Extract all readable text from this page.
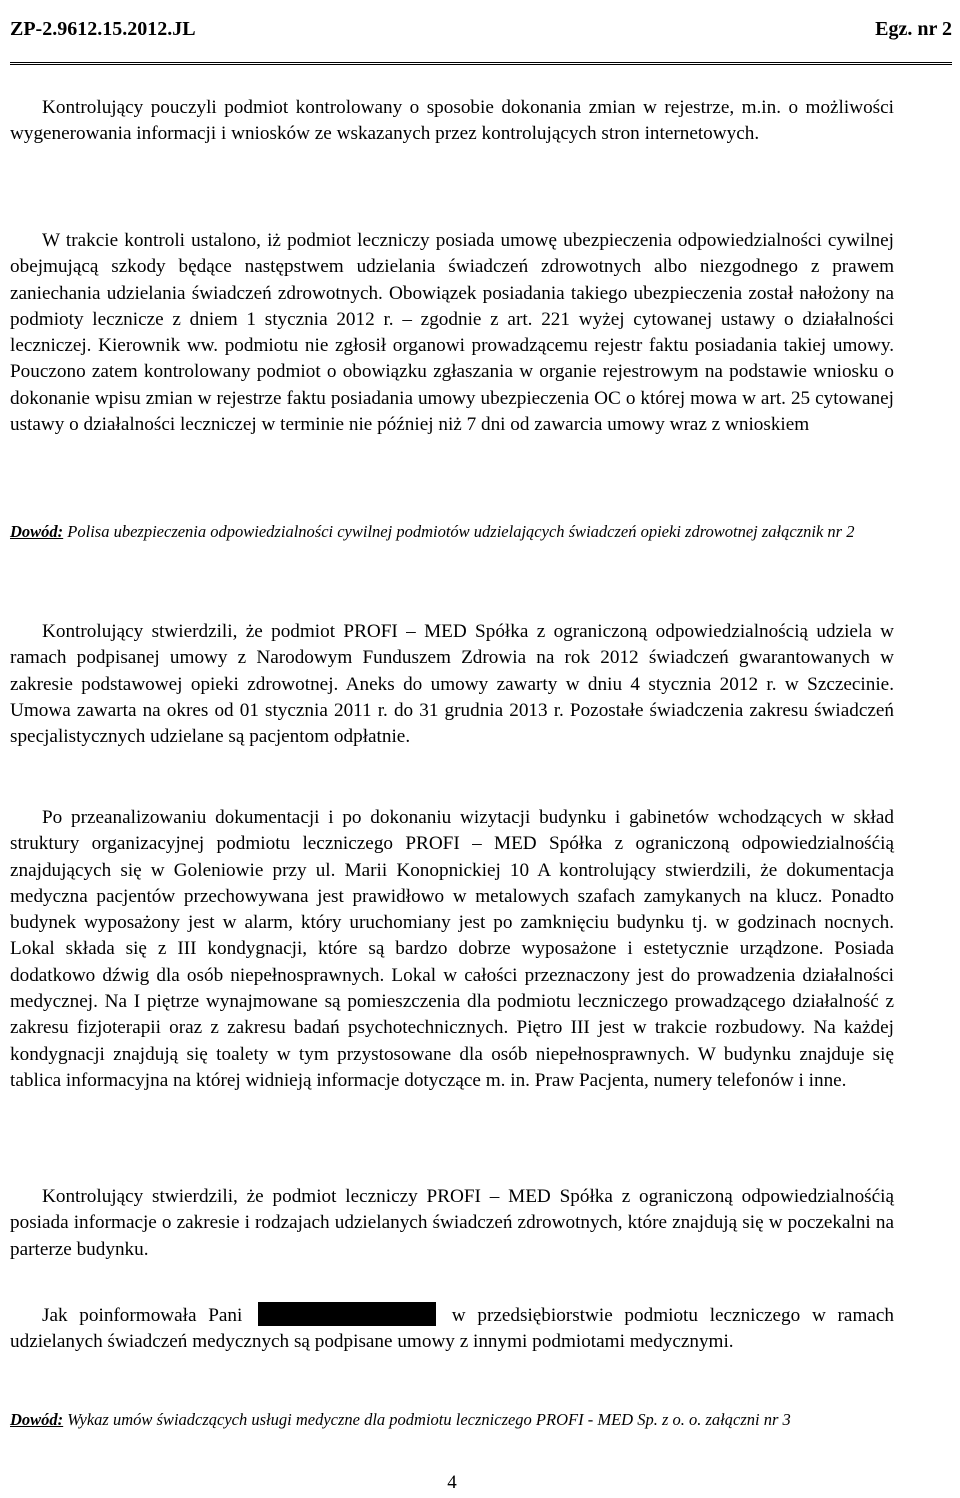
ZP-2.9612.15.2012.JL	Egz. nr 2

Kontrolujący pouczyli podmiot kontrolowany o sposobie dokonania zmian w rejestrze, m.in. o możliwości wygenerowania informacji i wniosków ze wskazanych przez kontrolujących stron internetowych.

W trakcie kontroli ustalono, iż podmiot leczniczy posiada umowę ubezpieczenia odpowiedzialności cywilnej obejmującą szkody będące następstwem udzielania świadczeń zdrowotnych albo niezgodnego z prawem zaniechania udzielania świadczeń zdrowotnych. Obowiązek posiadania takiego ubezpieczenia został nałożony na podmioty lecznicze z dniem 1 stycznia 2012 r. – zgodnie z art. 221 wyżej cytowanej ustawy o działalności leczniczej. Kierownik ww. podmiotu nie zgłosił organowi prowadzącemu rejestr faktu posiadania takiej umowy. Pouczono zatem kontrolowany podmiot o obowiązku zgłaszania w organie rejestrowym na podstawie wniosku o dokonanie wpisu zmian w rejestrze faktu posiadania umowy ubezpieczenia OC o której mowa w art. 25 cytowanej ustawy o działalności leczniczej w terminie nie później niż 7 dni od zawarcia umowy wraz z wnioskiem

Dowód: Polisa ubezpieczenia odpowiedzialności cywilnej podmiotów udzielających świadczeń opieki zdrowotnej załącznik nr 2

Kontrolujący stwierdzili, że podmiot PROFI – MED Spółka z ograniczoną odpowiedzialnością udziela w ramach podpisanej umowy z Narodowym Funduszem Zdrowia na rok 2012 świadczeń gwarantowanych w zakresie podstawowej opieki zdrowotnej. Aneks do umowy zawarty w dniu 4 stycznia 2012 r. w Szczecinie. Umowa zawarta na okres od 01 stycznia 2011 r. do 31 grudnia 2013 r. Pozostałe świadczenia zakresu świadczeń specjalistycznych udzielane są pacjentom odpłatnie.

Po przeanalizowaniu dokumentacji i po dokonaniu wizytacji budynku i gabinetów wchodzących w skład struktury organizacyjnej podmiotu leczniczego PROFI – MED Spółka z ograniczoną odpowiedzialnośćią znajdujących się w Goleniowie przy ul. Marii Konopnickiej 10 A kontrolujący stwierdzili, że dokumentacja medyczna pacjentów przechowywana jest prawidłowo w metalowych szafach zamykanych na klucz. Ponadto budynek wyposażony jest w alarm, który uruchomiany jest po zamknięciu budynku tj. w godzinach nocnych. Lokal składa się z III kondygnacji, które są bardzo dobrze wyposażone i estetycznie urządzone. Posiada dodatkowo dźwig dla osób niepełnosprawnych. Lokal w całości przeznaczony jest do prowadzenia działalności medycznej. Na I piętrze wynajmowane są pomieszczenia dla podmiotu leczniczego prowadzącego działalność z zakresu fizjoterapii oraz z zakresu badań psychotechnicznych. Piętro III jest w trakcie rozbudowy. Na każdej kondygnacji znajdują się toalety w tym przystosowane dla osób niepełnosprawnych. W budynku znajduje się tablica informacyjna na której widnieją informacje dotyczące m. in. Praw Pacjenta, numery telefonów i inne.

Kontrolujący stwierdzili, że podmiot leczniczy PROFI – MED Spółka z ograniczoną odpowiedzialnośćią posiada informacje o zakresie i rodzajach udzielanych świadczeń zdrowotnych, które znajdują się w poczekalni na parterze budynku.

Jak poinformowała Pani	w przedsiębiorstwie podmiotu leczniczego w ramach udzielanych świadczeń medycznych są podpisane umowy z innymi podmiotami medycznymi.

Dowód: Wykaz umów świadczących usługi medyczne dla podmiotu leczniczego PROFI - MED Sp. z o. o. załączni nr 3

4
